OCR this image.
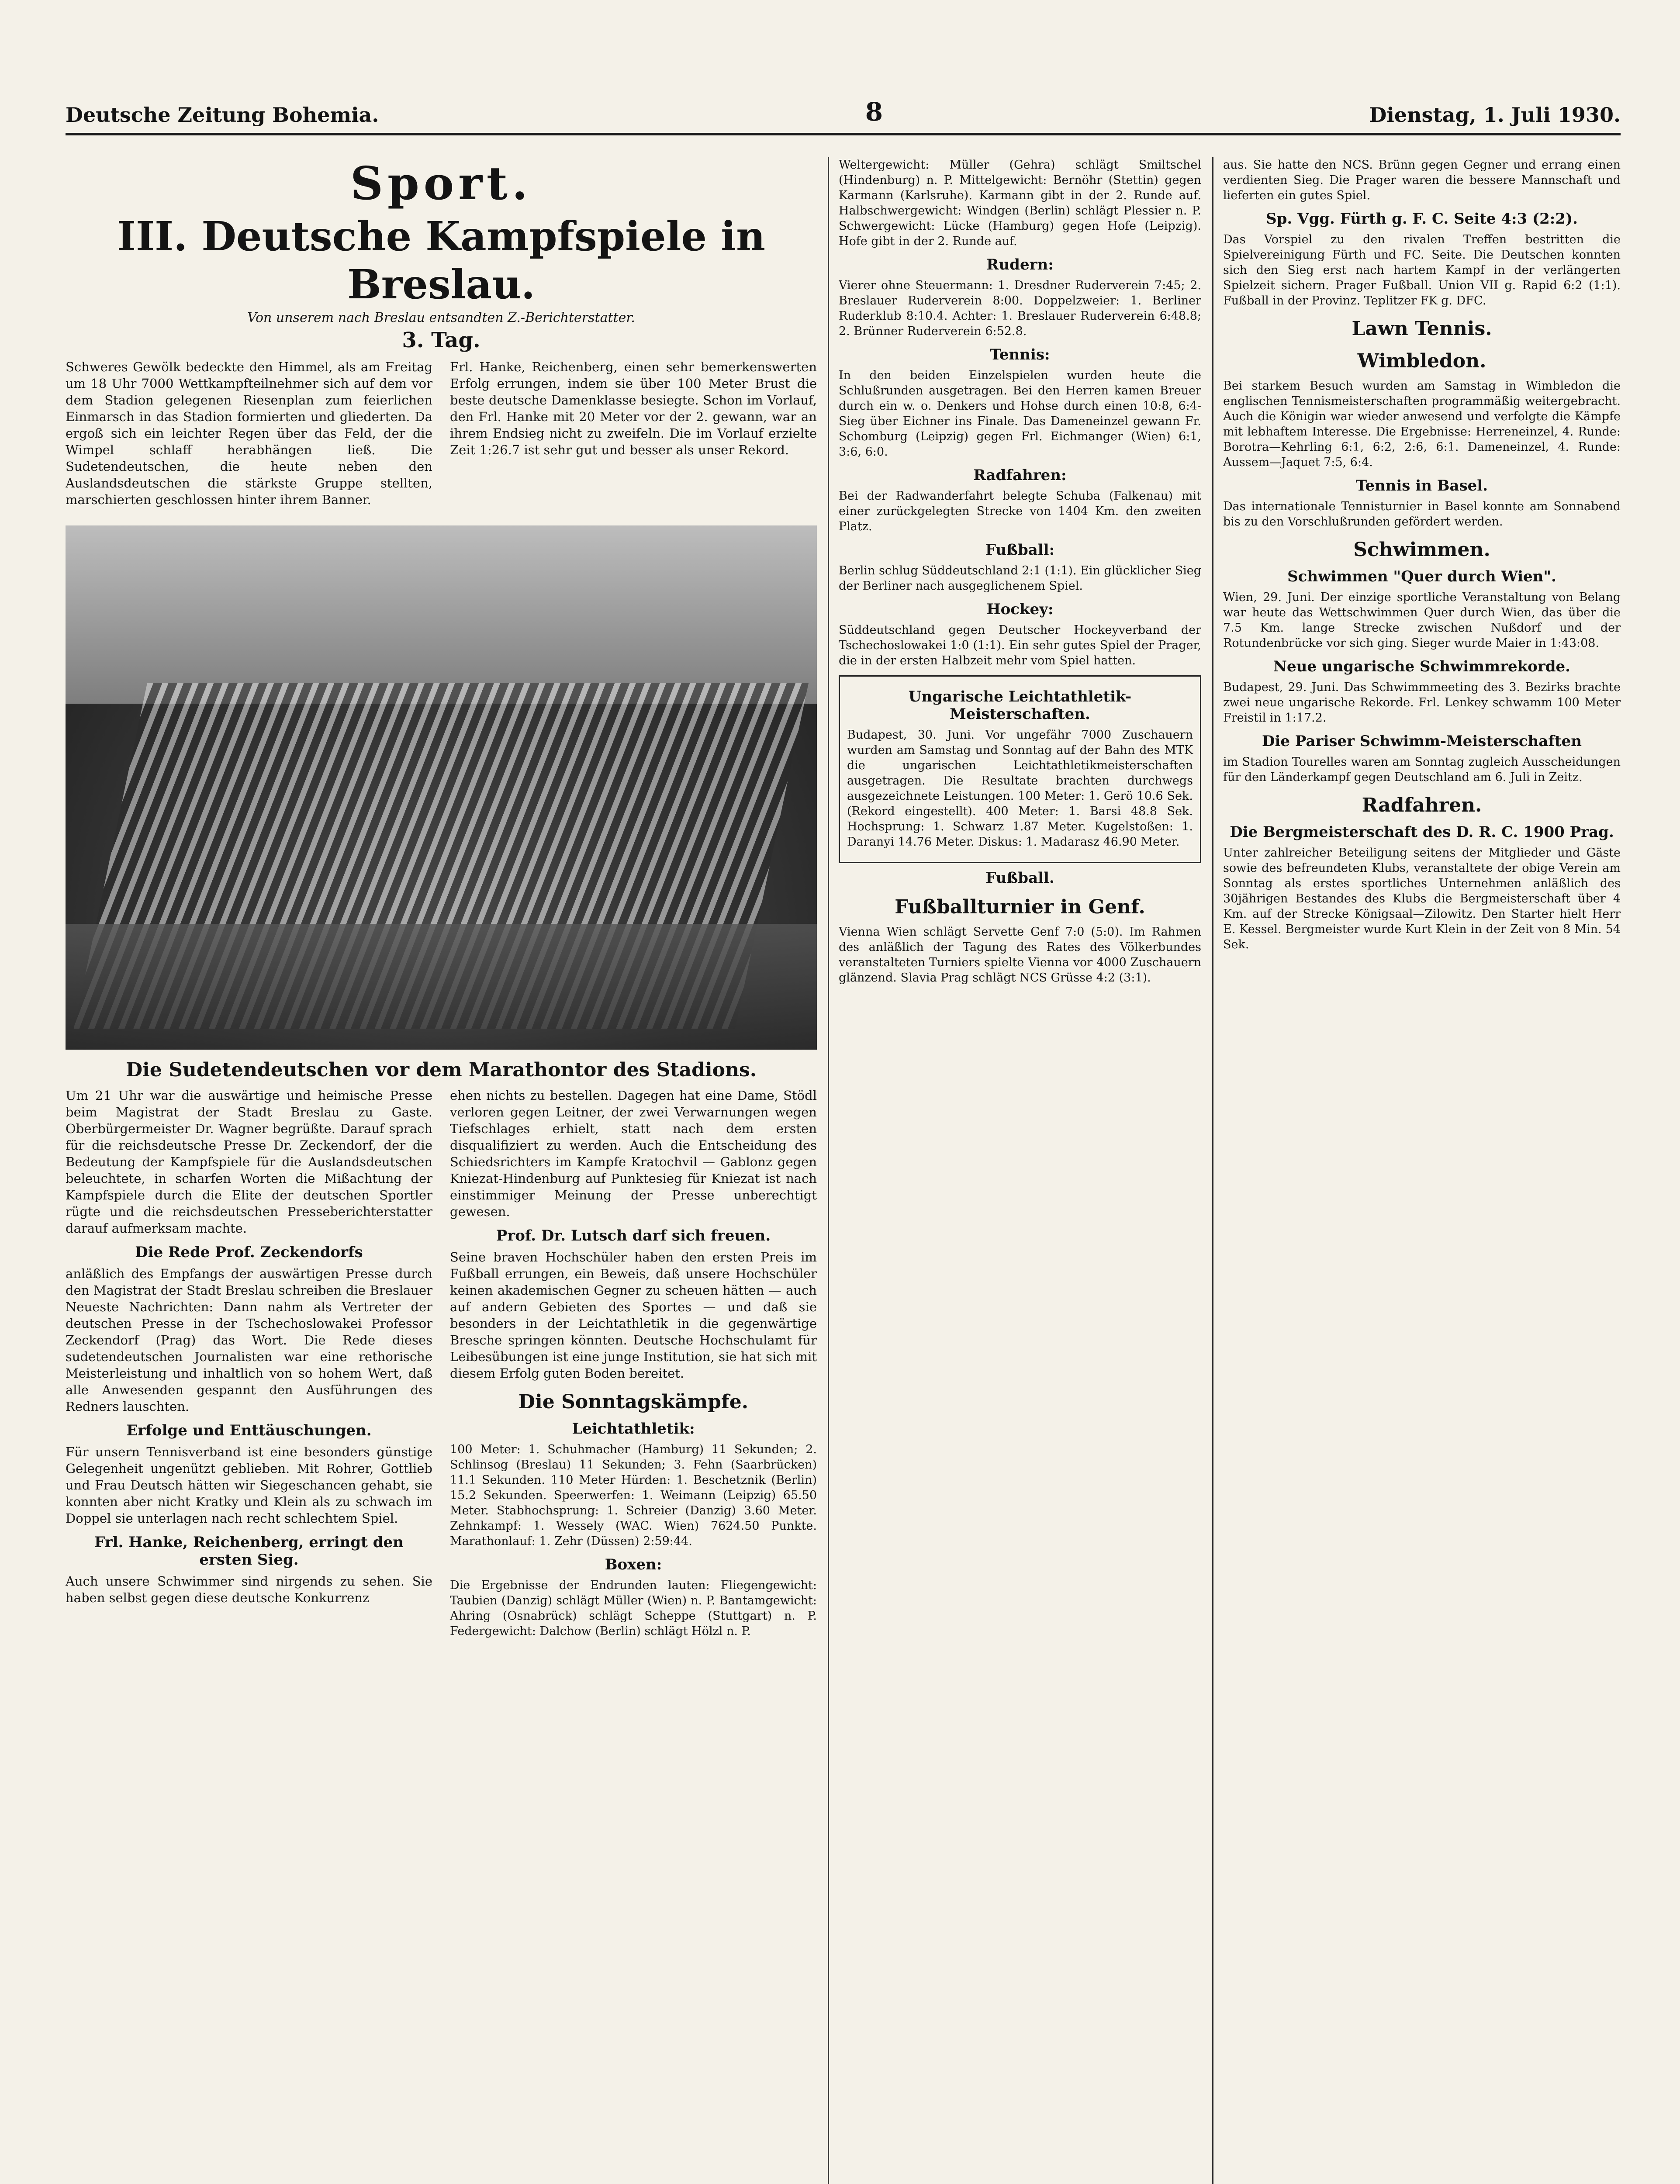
Deutsche Zeitung Bohemia.	8	Dienstag, 1. Juli 1930.
Sport.
III. Deutsche Kampfspiele in Breslau.
Von unserem nach Breslau entsandten Z.-Berichterstatter.
3. Tag.

Schweres Gewölk bedeckte den Himmel, als am Freitag um 18 Uhr 7000 Wettkampfteilnehmer sich auf dem vor dem Stadion gelegenen Riesenplan zum feierlichen Einmarsch in das Stadion formierten und gliederten. Da ergoß sich ein leichter Regen über das Feld, der die Wimpel schlaff herabhängen ließ. Die Sudetendeutschen, die heute neben den Auslandsdeutschen die stärkste Gruppe stellten, marschierten geschlossen hinter ihrem Banner.

Frl. Hanke, Reichenberg, einen sehr bemerkenswerten Erfolg errungen, indem sie über 100 Meter Brust die beste deutsche Damenklasse besiegte. Schon im Vorlauf, den Frl. Hanke mit 20 Meter vor der 2. gewann, war an ihrem Endsieg nicht zu zweifeln. Die im Vorlauf erzielte Zeit 1:26.7 ist sehr gut und besser als unser Rekord.

Die Sudetendeutschen vor dem Marathontor des Stadions.

Um 21 Uhr war die auswärtige und heimische Presse beim Magistrat der Stadt Breslau zu Gaste. Oberbürgermeister Dr. Wagner begrüßte. Darauf sprach für die reichsdeutsche Presse Dr. Zeckendorf, der die Bedeutung der Kampfspiele für die Auslandsdeutschen beleuchtete, in scharfen Worten die Mißachtung der Kampfspiele durch die Elite der deutschen Sportler rügte und die reichsdeutschen Presseberichterstatter darauf aufmerksam machte.

Die Rede Prof. Zeckendorfs

anläßlich des Empfangs der auswärtigen Presse durch den Magistrat der Stadt Breslau schreiben die Breslauer Neueste Nachrichten: Dann nahm als Vertreter der deutschen Presse in der Tschechoslowakei Professor Zeckendorf (Prag) das Wort. Die Rede dieses sudetendeutschen Journalisten war eine rethorische Meisterleistung und inhaltlich von so hohem Wert, daß alle Anwesenden gespannt den Ausführungen des Redners lauschten.

Erfolge und Enttäuschungen.

Für unsern Tennisverband ist eine besonders günstige Gelegenheit ungenützt geblieben. Mit Rohrer, Gottlieb und Frau Deutsch hätten wir Siegeschancen gehabt, sie konnten aber nicht Kratky und Klein als zu schwach im Doppel sie unterlagen nach recht schlechtem Spiel.

Frl. Hanke, Reichenberg, erringt den ersten Sieg.

Auch unsere Schwimmer sind nirgends zu sehen. Sie haben selbst gegen diese deutsche Konkurrenz

ehen nichts zu bestellen. Dagegen hat eine Dame, Stödl verloren gegen Leitner, der zwei Verwarnungen wegen Tiefschlages erhielt, statt nach dem ersten disqualifiziert zu werden. Auch die Entscheidung des Schiedsrichters im Kampfe Kratochvil — Gablonz gegen Kniezat-Hindenburg auf Punktesieg für Kniezat ist nach einstimmiger Meinung der Presse unberechtigt gewesen.

Prof. Dr. Lutsch darf sich freuen.

Seine braven Hochschüler haben den ersten Preis im Fußball errungen, ein Beweis, daß unsere Hochschüler keinen akademischen Gegner zu scheuen hätten — auch auf andern Gebieten des Sportes — und daß sie besonders in der Leichtathletik in die gegenwärtige Bresche springen könnten. Deutsche Hochschulamt für Leibesübungen ist eine junge Institution, sie hat sich mit diesem Erfolg guten Boden bereitet.

Die Sonntagskämpfe.
Leichtathletik:

100 Meter: 1. Schuhmacher (Hamburg) 11 Sekunden; 2. Schlinsog (Breslau) 11 Sekunden; 3. Fehn (Saarbrücken) 11.1 Sekunden. 110 Meter Hürden: 1. Beschetznik (Berlin) 15.2 Sekunden. Speerwerfen: 1. Weimann (Leipzig) 65.50 Meter. Stabhochsprung: 1. Schreier (Danzig) 3.60 Meter. Zehnkampf: 1. Wessely (WAC. Wien) 7624.50 Punkte. Marathonlauf: 1. Zehr (Düssen) 2:59:44.

Boxen:

Die Ergebnisse der Endrunden lauten: Fliegengewicht: Taubien (Danzig) schlägt Müller (Wien) n. P. Bantamgewicht: Ahring (Osnabrück) schlägt Scheppe (Stuttgart) n. P. Federgewicht: Dalchow (Berlin) schlägt Hölzl n. P.

Weltergewicht: Müller (Gehra) schlägt Smiltschel (Hindenburg) n. P. Mittelgewicht: Bernöhr (Stettin) gegen Karmann (Karlsruhe). Karmann gibt in der 2. Runde auf. Halbschwergewicht: Windgen (Berlin) schlägt Plessier n. P. Schwergewicht: Lücke (Hamburg) gegen Hofe (Leipzig). Hofe gibt in der 2. Runde auf.

Rudern:

Vierer ohne Steuermann: 1. Dresdner Ruderverein 7:45; 2. Breslauer Ruderverein 8:00. Doppelzweier: 1. Berliner Ruderklub 8:10.4. Achter: 1. Breslauer Ruderverein 6:48.8; 2. Brünner Ruderverein 6:52.8.

Tennis:

In den beiden Einzelspielen wurden heute die Schlußrunden ausgetragen. Bei den Herren kamen Breuer durch ein w. o. Denkers und Hohse durch einen 10:8, 6:4-Sieg über Eichner ins Finale. Das Dameneinzel gewann Fr. Schomburg (Leipzig) gegen Frl. Eichmanger (Wien) 6:1, 3:6, 6:0.

Radfahren:

Bei der Radwanderfahrt belegte Schuba (Falkenau) mit einer zurückgelegten Strecke von 1404 Km. den zweiten Platz.

Fußball:

Berlin schlug Süddeutschland 2:1 (1:1). Ein glücklicher Sieg der Berliner nach ausgeglichenem Spiel.

Hockey:

Süddeutschland gegen Deutscher Hockeyverband der Tschechoslowakei 1:0 (1:1). Ein sehr gutes Spiel der Prager, die in der ersten Halbzeit mehr vom Spiel hatten.

Ungarische Leichtathletik-Meisterschaften.

Budapest, 30. Juni. Vor ungefähr 7000 Zuschauern wurden am Samstag und Sonntag auf der Bahn des MTK die ungarischen Leichtathletikmeisterschaften ausgetragen. Die Resultate brachten durchwegs ausgezeichnete Leistungen. 100 Meter: 1. Gerö 10.6 Sek. (Rekord eingestellt). 400 Meter: 1. Barsi 48.8 Sek. Hochsprung: 1. Schwarz 1.87 Meter. Kugelstoßen: 1. Daranyi 14.76 Meter. Diskus: 1. Madarasz 46.90 Meter.

Fußball.
Fußballturnier in Genf.

Vienna Wien schlägt Servette Genf 7:0 (5:0). Im Rahmen des anläßlich der Tagung des Rates des Völkerbundes veranstalteten Turniers spielte Vienna vor 4000 Zuschauern glänzend. Slavia Prag schlägt NCS Grüsse 4:2 (3:1).

aus. Sie hatte den NCS. Brünn gegen Gegner und errang einen verdienten Sieg. Die Prager waren die bessere Mannschaft und lieferten ein gutes Spiel.

Sp. Vgg. Fürth g. F. C. Seite 4:3 (2:2).

Das Vorspiel zu den rivalen Treffen bestritten die Spielvereinigung Fürth und FC. Seite. Die Deutschen konnten sich den Sieg erst nach hartem Kampf in der verlängerten Spielzeit sichern. Prager Fußball. Union VII g. Rapid 6:2 (1:1). Fußball in der Provinz. Teplitzer FK g. DFC.

Lawn Tennis.
Wimbledon.

Bei starkem Besuch wurden am Samstag in Wimbledon die englischen Tennismeisterschaften programmäßig weitergebracht. Auch die Königin war wieder anwesend und verfolgte die Kämpfe mit lebhaftem Interesse. Die Ergebnisse: Herreneinzel, 4. Runde: Borotra—Kehrling 6:1, 6:2, 2:6, 6:1. Dameneinzel, 4. Runde: Aussem—Jaquet 7:5, 6:4.

Tennis in Basel.

Das internationale Tennisturnier in Basel konnte am Sonnabend bis zu den Vorschlußrunden gefördert werden.

Schwimmen.
Schwimmen "Quer durch Wien".

Wien, 29. Juni. Der einzige sportliche Veranstaltung von Belang war heute das Wettschwimmen Quer durch Wien, das über die 7.5 Km. lange Strecke zwischen Nußdorf und der Rotundenbrücke vor sich ging. Sieger wurde Maier in 1:43:08.

Neue ungarische Schwimmrekorde.

Budapest, 29. Juni. Das Schwimmmeeting des 3. Bezirks brachte zwei neue ungarische Rekorde. Frl. Lenkey schwamm 100 Meter Freistil in 1:17.2.

Die Pariser Schwimm-Meisterschaften

im Stadion Tourelles waren am Sonntag zugleich Ausscheidungen für den Länderkampf gegen Deutschland am 6. Juli in Zeitz.

Radfahren.
Die Bergmeisterschaft des D. R. C. 1900 Prag.

Unter zahlreicher Beteiligung seitens der Mitglieder und Gäste sowie des befreundeten Klubs, veranstaltete der obige Verein am Sonntag als erstes sportliches Unternehmen anläßlich des 30jährigen Bestandes des Klubs die Bergmeisterschaft über 4 Km. auf der Strecke Königsaal—Zilowitz. Den Starter hielt Herr E. Kessel. Bergmeister wurde Kurt Klein in der Zeit von 8 Min. 54 Sek.
